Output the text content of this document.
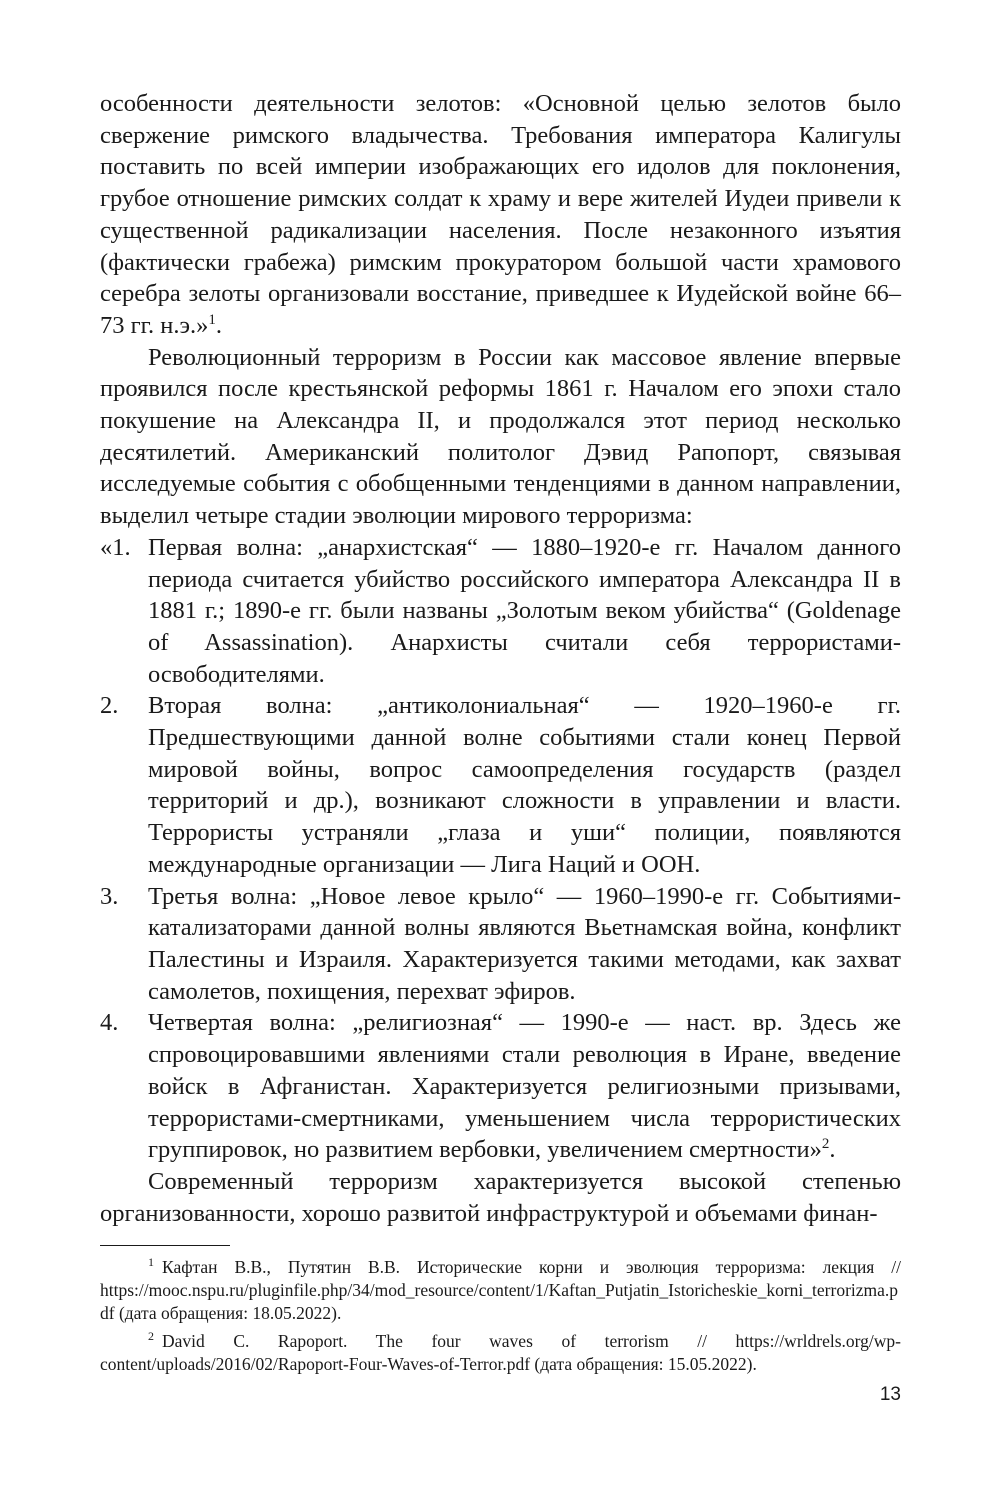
особенности деятельности зелотов: «Основной целью зелотов было свержение римского владычества. Требования императора Калигулы поставить по всей империи изображающих его идолов для поклонения, грубое отношение римских солдат к храму и вере жителей Иудеи привели к существенной радикализации населения. После незаконного изъятия (фактически грабежа) римским прокуратором большой части храмового серебра зелоты организовали восстание, приведшее к Иудейской войне 66–73 гг. н.э.»$^1$.

Революционный терроризм в России как массовое явление впервые проявился после крестьянской реформы 1861 г. Началом его эпохи стало покушение на Александра II, и продолжался этот период несколько десятилетий. Американский политолог Дэвид Рапопорт, связывая исследуемые события с обобщенными тенденциями в данном направлении, выделил четыре стадии эволюции мирового терроризма:

«1. Первая волна: „анархистская“ — 1880–1920-е гг. Началом данного периода считается убийство российского императора Александра II в 1881 г.; 1890-е гг. были названы „Золотым веком убийства“ (Goldenage of Assassination). Анархисты считали себя террористами-освободителями.
2.	Вторая волна: „антиколониальная“ — 1920–1960-е гг. Предшествующими данной волне событиями стали конец Первой мировой войны, вопрос самоопределения государств (раздел территорий и др.), возникают сложности в управлении и власти. Террористы устраняли „глаза и уши“ полиции, появляются международные организации — Лига Наций и ООН.
3.	Третья волна: „Новое левое крыло“ — 1960–1990-е гг. Событиями-катализаторами данной волны являются Вьетнамская война, конфликт Палестины и Израиля. Характеризуется такими методами, как захват самолетов, похищения, перехват эфиров.
4.	Четвертая волна: „религиозная“ — 1990-е — наст. вр. Здесь же спровоцировавшими явлениями стали революция в Иране, введение войск в Афганистан. Характеризуется религиозными призывами, террористами-смертниками, уменьшением числа террористических группировок, но развитием вербовки, увеличением смертности»$^2$.

Современный терроризм характеризуется высокой степенью организованности, хорошо развитой инфраструктурой и объемами финан-

$^1$ Кафтан В.В., Путятин В.В. Исторические корни и эволюция терроризма: лекция // https://mooc.nspu.ru/pluginfile.php/34/mod_resource/content/1/Kaftan_Putjatin_Istoricheskie_korni_terrorizma.pdf (дата обращения: 18.05.2022).

$^2$ David C. Rapoport. The four waves of terrorism // https://wrldrels.org/wp-content/uploads/2016/02/Rapoport-Four-Waves-of-Terror.pdf (дата обращения: 15.05.2022).

13
